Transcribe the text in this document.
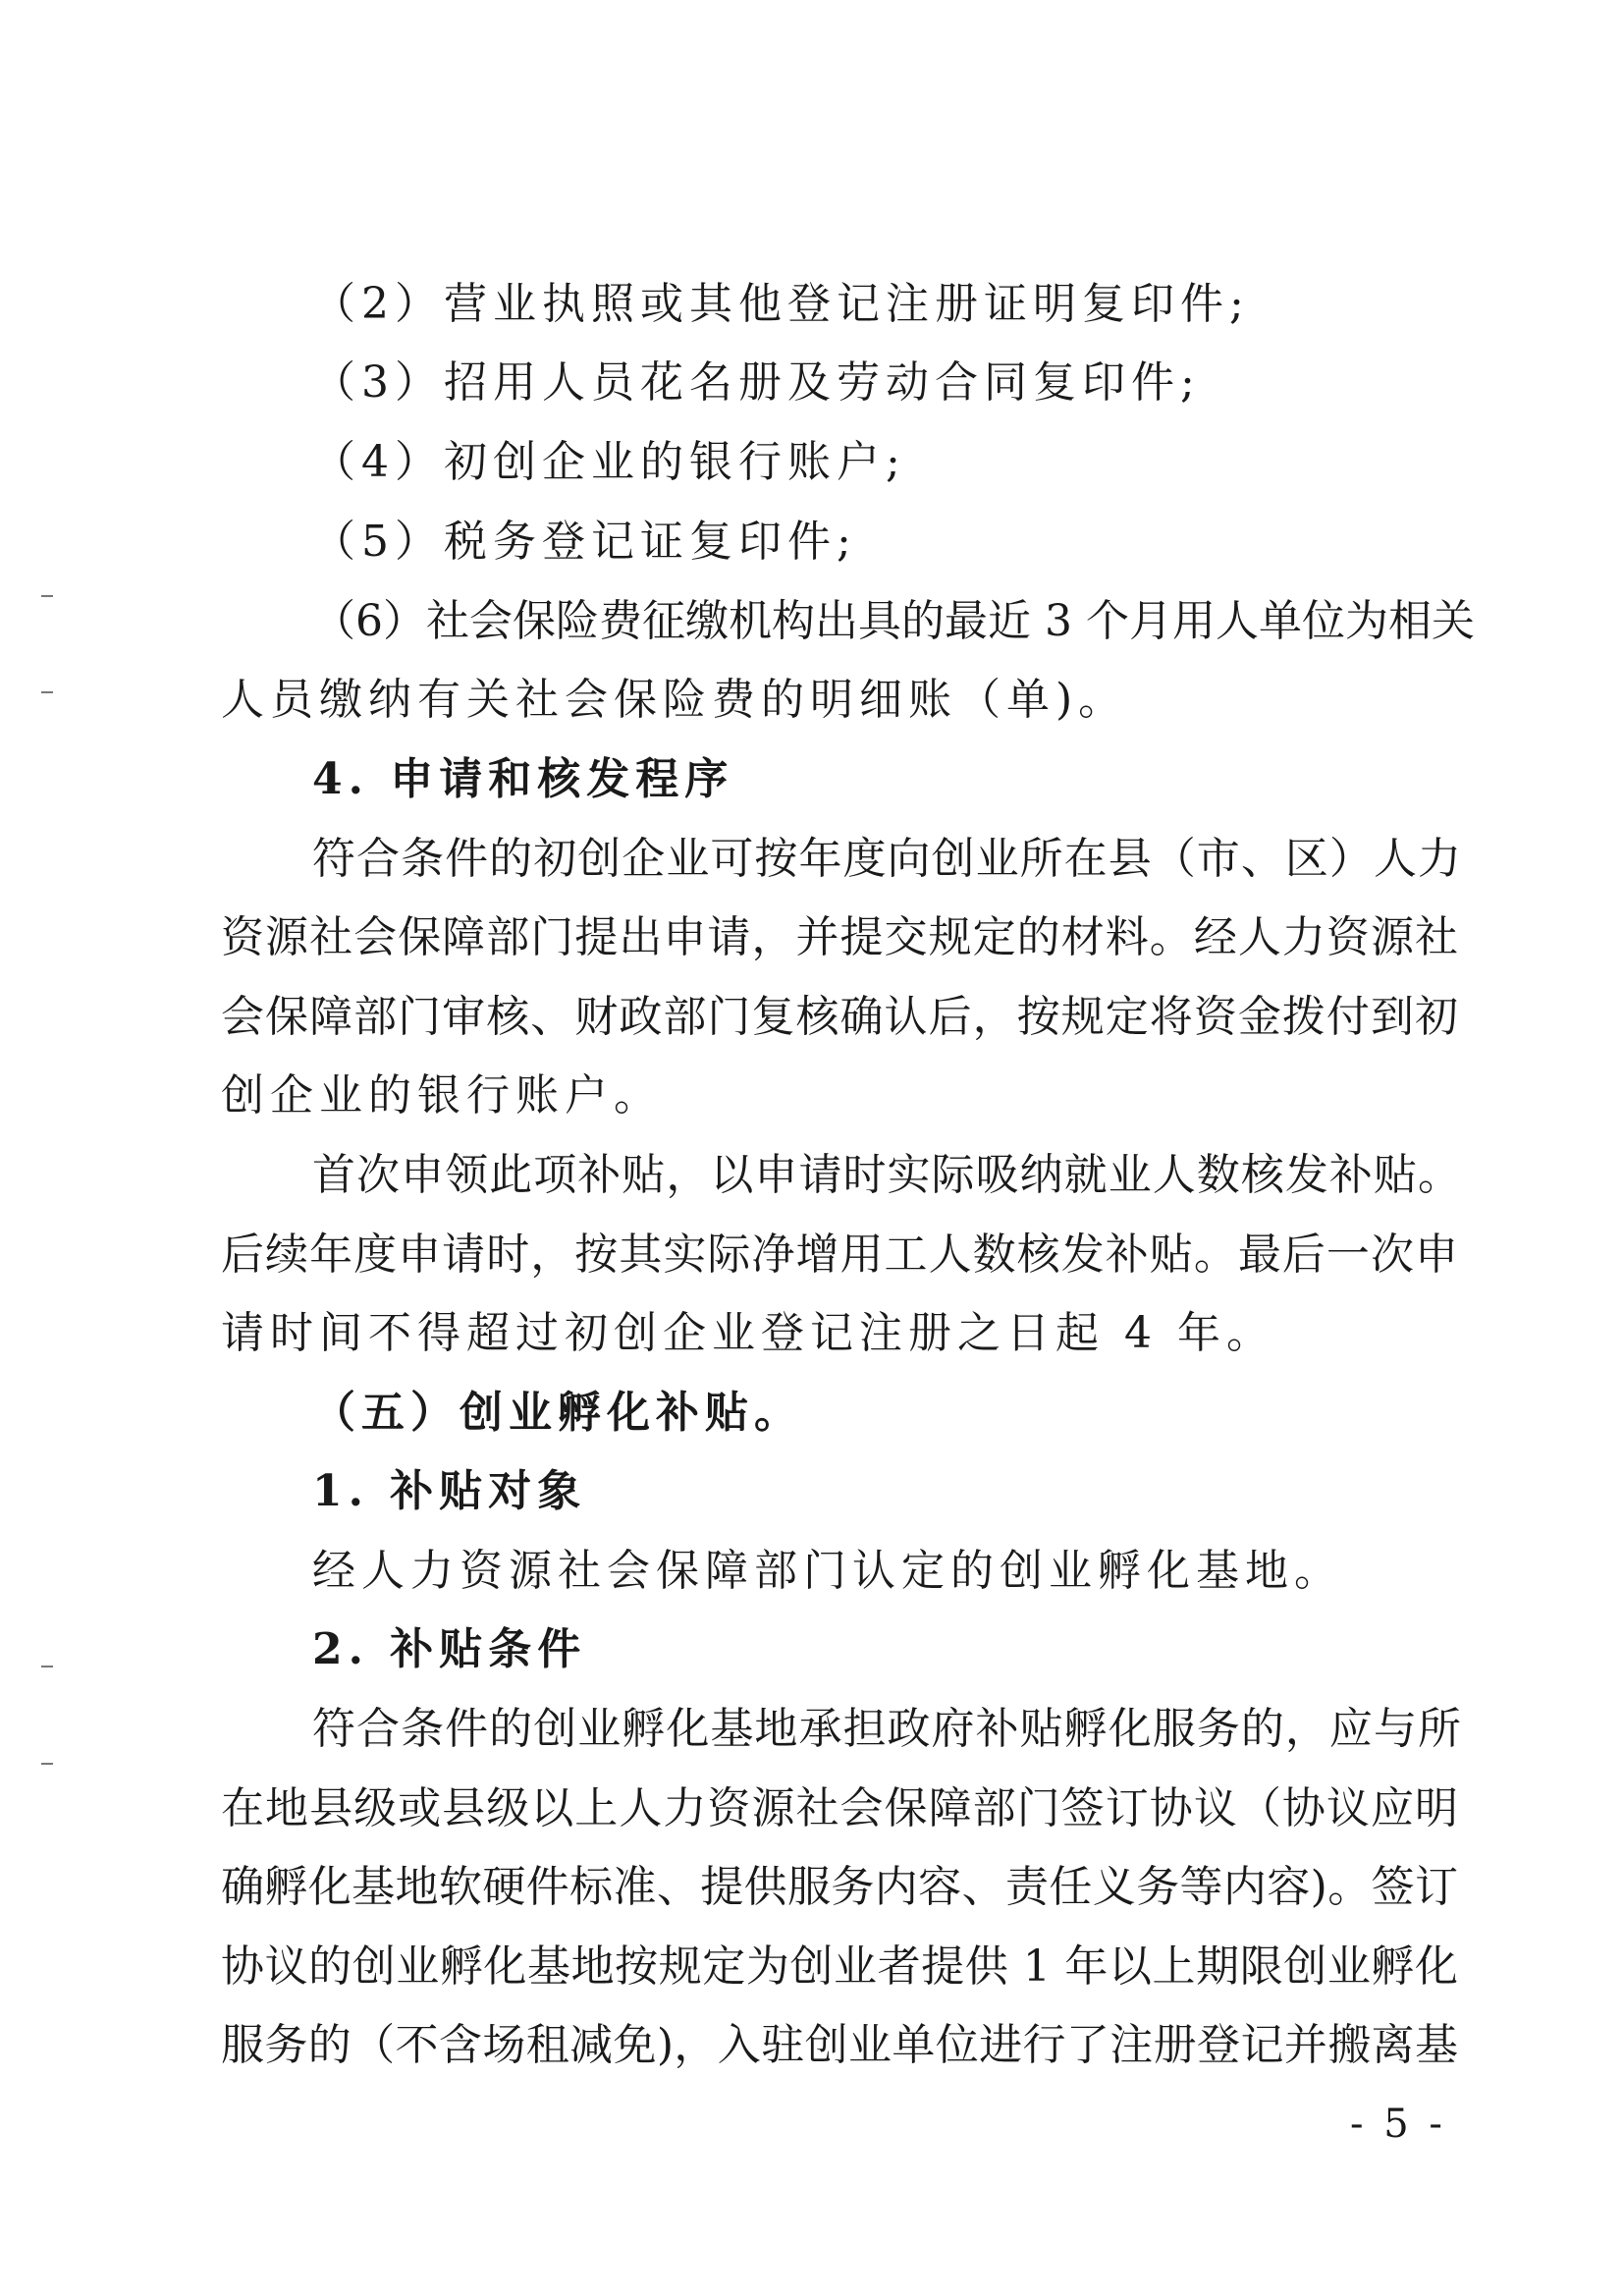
（2）营业执照或其他登记注册证明复印件;
（3）招用人员花名册及劳动合同复印件;
（4）初创企业的银行账户;
（5）税务登记证复印件;
（6）社会保险费征缴机构出具的最近 3 个月用人单位为相关
人员缴纳有关社会保险费的明细账（单)。
4. 申请和核发程序
符合条件的初创企业可按年度向创业所在县（市、区）人力
资源社会保障部门提出申请，并提交规定的材料。经人力资源社
会保障部门审核、财政部门复核确认后，按规定将资金拨付到初
创企业的银行账户。
首次申领此项补贴，以申请时实际吸纳就业人数核发补贴。
后续年度申请时，按其实际净增用工人数核发补贴。最后一次申
请时间不得超过初创企业登记注册之日起 4 年。
（五）创业孵化补贴。
1. 补贴对象
经人力资源社会保障部门认定的创业孵化基地。
2. 补贴条件
符合条件的创业孵化基地承担政府补贴孵化服务的，应与所
在地县级或县级以上人力资源社会保障部门签订协议（协议应明
确孵化基地软硬件标准、提供服务内容、责任义务等内容)。签订
协议的创业孵化基地按规定为创业者提供 1 年以上期限创业孵化
服务的（不含场租减免)，入驻创业单位进行了注册登记并搬离基
- 5 -
